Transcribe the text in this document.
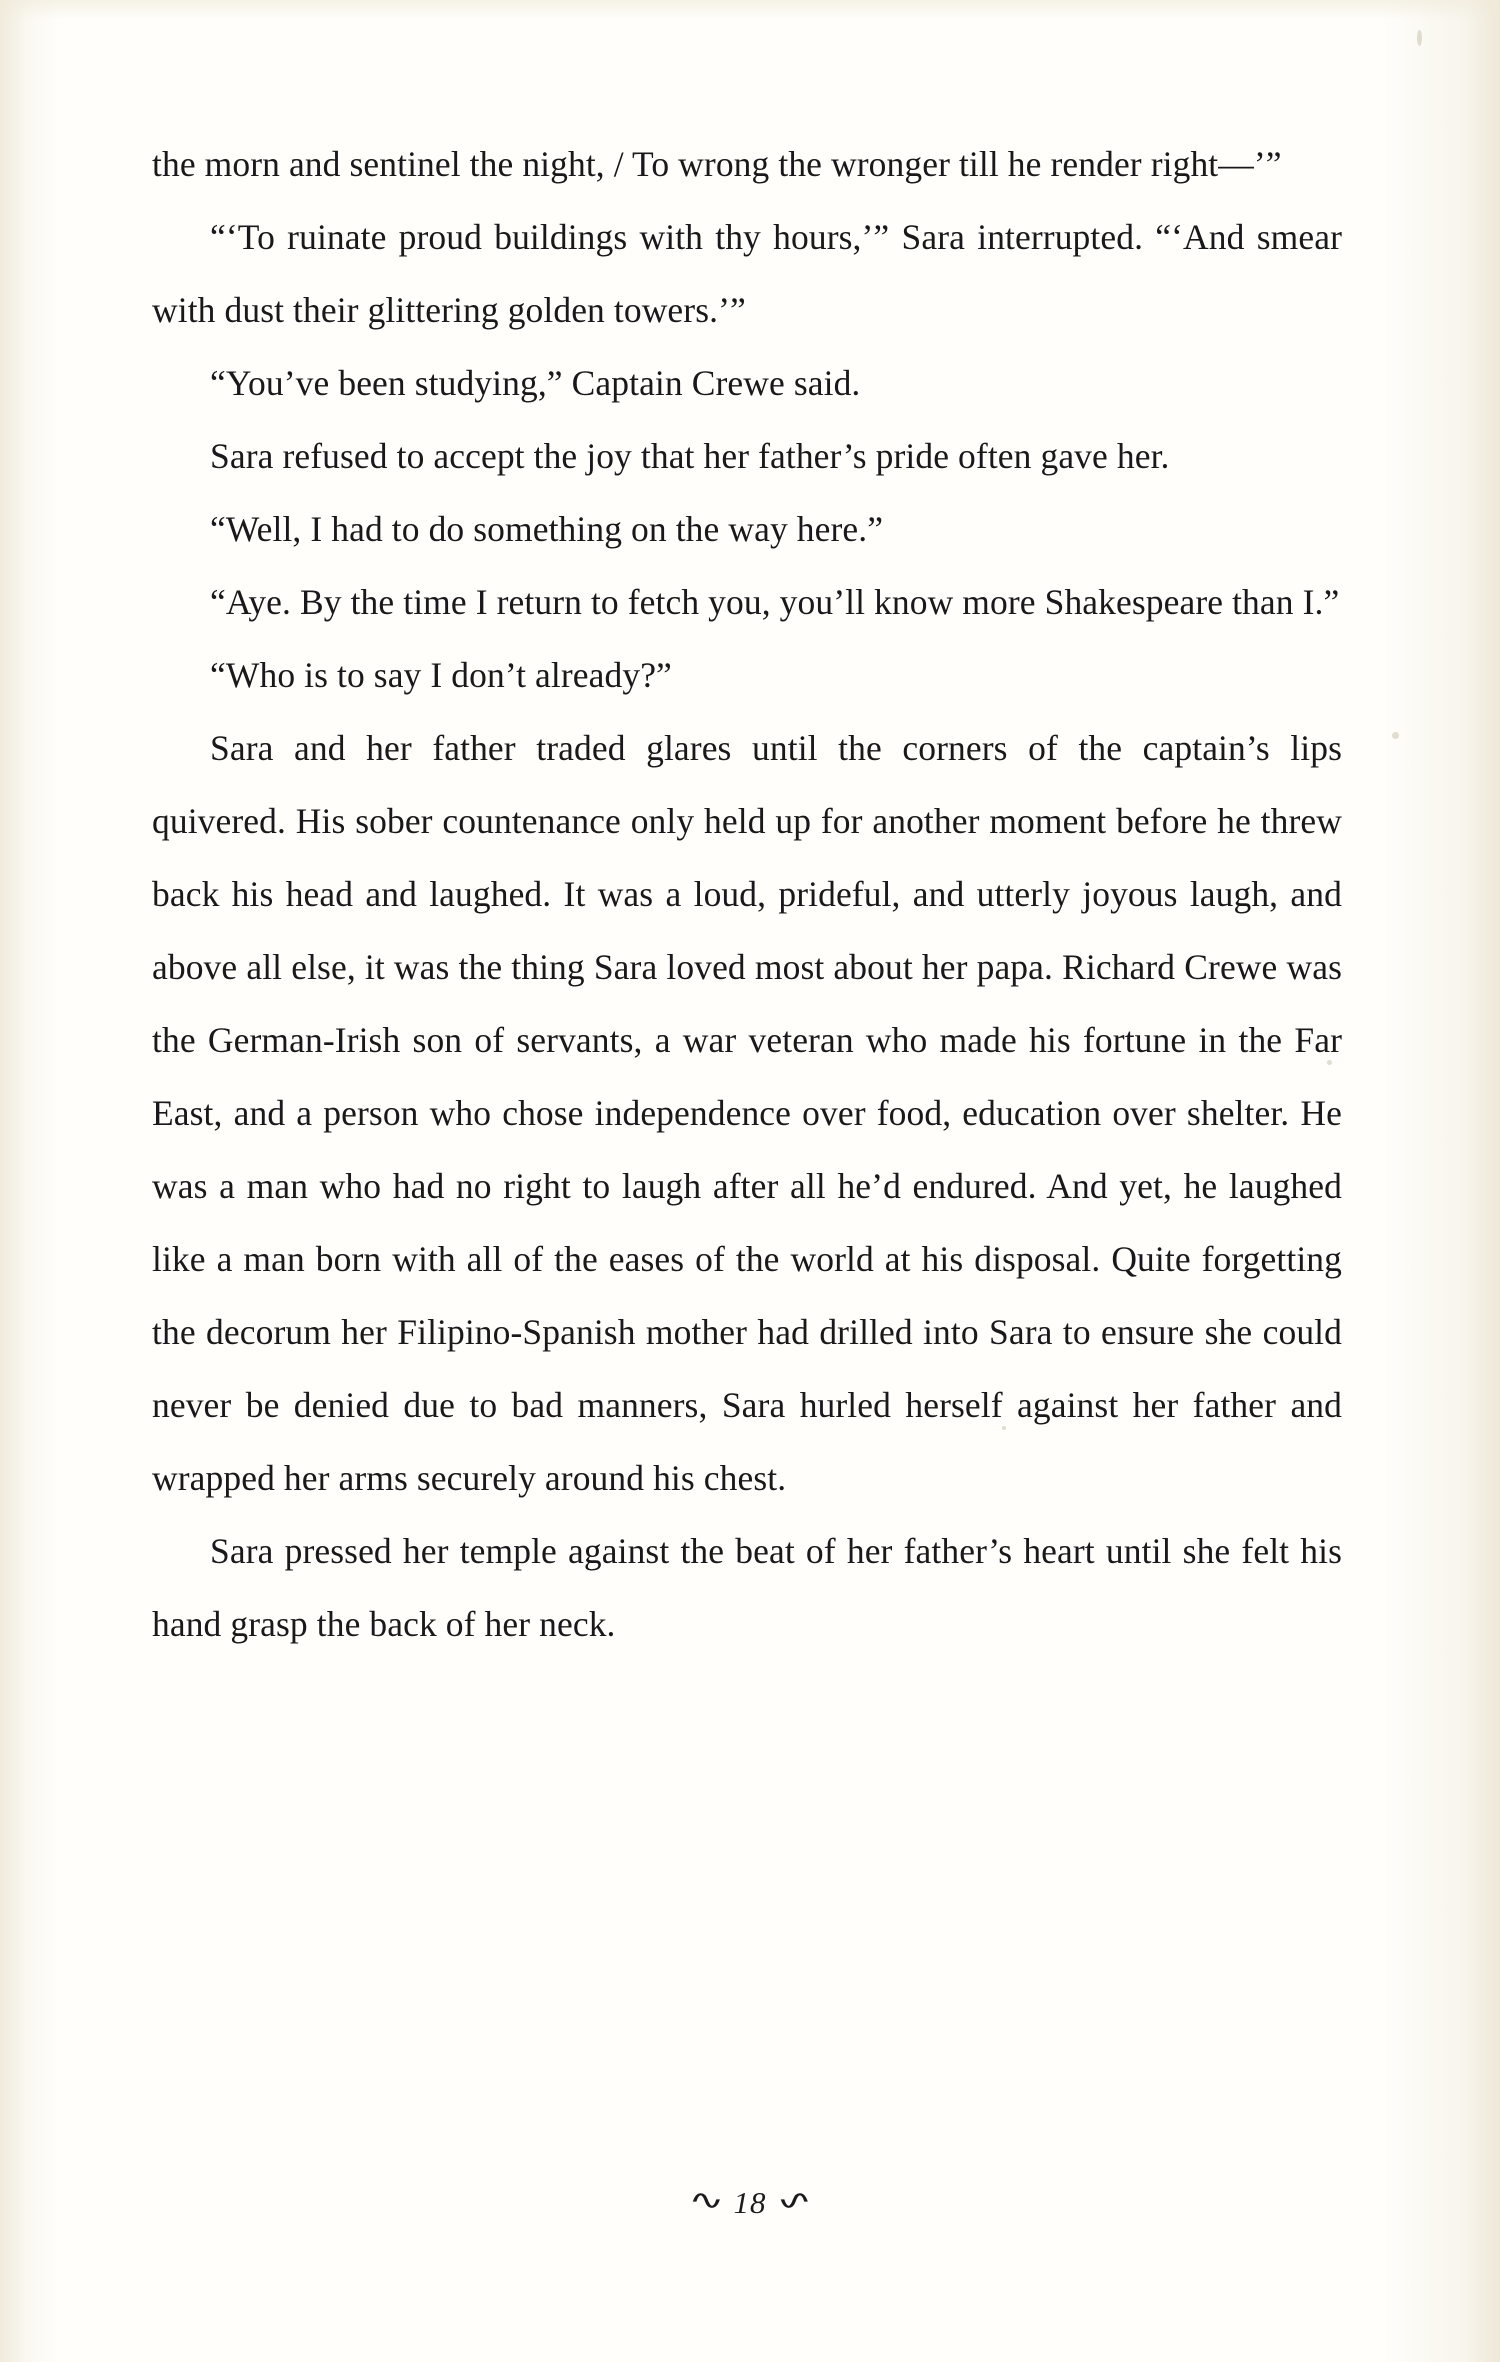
the morn and sentinel the night, / To wrong the wronger till he render right—’”

“‘To ruinate proud buildings with thy hours,’” Sara interrupted. “‘And smear with dust their glittering golden towers.’”

“You’ve been studying,” Captain Crewe said.

Sara refused to accept the joy that her father’s pride often gave her.

“Well, I had to do something on the way here.”

“Aye. By the time I return to fetch you, you’ll know more Shakespeare than I.”

“Who is to say I don’t already?”

Sara and her father traded glares until the corners of the captain’s lips quivered. His sober countenance only held up for another moment before he threw back his head and laughed. It was a loud, prideful, and utterly joyous laugh, and above all else, it was the thing Sara loved most about her papa. Richard Crewe was the German-Irish son of servants, a war veteran who made his fortune in the Far East, and a person who chose independence over food, education over shelter. He was a man who had no right to laugh after all he’d endured. And yet, he laughed like a man born with all of the eases of the world at his disposal. Quite forgetting the decorum her Filipino-Spanish mother had drilled into Sara to ensure she could never be denied due to bad manners, Sara hurled herself against her father and wrapped her arms securely around his chest.

Sara pressed her temple against the beat of her father’s heart until she felt his hand grasp the back of her neck.

∿ 18 ∿
